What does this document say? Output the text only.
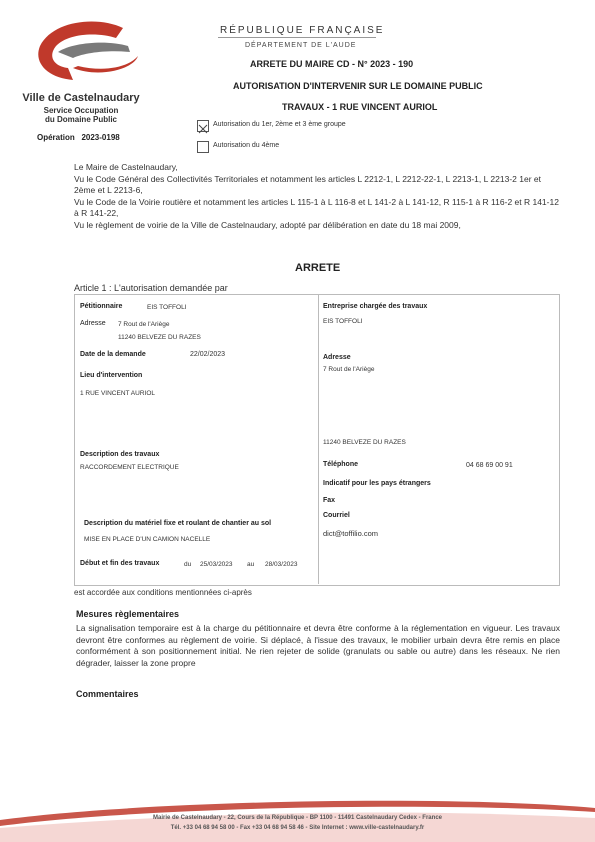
Ville de Castelnaudary
Service Occupation
du Domaine Public
Opération 2023-0198
RÉPUBLIQUE FRANÇAISE
DÉPARTEMENT DE L'AUDE
ARRETE DU MAIRE CD - N° 2023 - 190
AUTORISATION D'INTERVENIR SUR LE DOMAINE PUBLIC
TRAVAUX - 1 RUE VINCENT AURIOL
Autorisation du 1er, 2ème et 3 ème groupe
Autorisation du 4ème

Le Maire de Castelnaudary,

Vu le Code Général des Collectivités Territoriales et notamment les articles L 2212-1, L 2212-22-1, L 2213-1, L 2213-2 1er et 2ème et L 2213-6,

Vu le Code de la Voirie routière et notamment les articles L 115-1 à L 116-8 et L 141-2 à L 141-12, R 115-1 à R 116-2 et R 141-12 à R 141-22,

Vu le règlement de voirie de la Ville de Castelnaudary, adopté par délibération en date du 18 mai 2009,

ARRETE
Article 1 : L'autorisation demandée par
Pétitionnaire	EIS TOFFOLI
Adresse 7 Rout de l'Ariège
11240 BELVEZE DU RAZES
Date de la demande	22/02/2023
Lieu d'intervention
1 RUE VINCENT AURIOL
Description des travaux
RACCORDEMENT ELECTRIQUE
Description du matériel fixe et roulant de chantier au sol
MISE EN PLACE D'UN CAMION NACELLE
Début et fin des travaux	du 25/03/2023 au 28/03/2023
Entreprise chargée des travaux
EIS TOFFOLI
Adresse
7 Rout de l'Ariège
11240 BELVEZE DU RAZES
Téléphone	04 68 69 00 91
Indicatif pour les pays étrangers
Fax
Courriel
dict@toffilio.com
est accordée aux conditions mentionnées ci-après
Mesures règlementaires
La signalisation temporaire est à la charge du pétitionnaire et devra être conforme à la réglementation en vigueur. Les travaux devront être conformes au règlement de voirie. Si déplacé, à l'issue des travaux, le mobilier urbain devra être remis en place conformément à son positionnement initial. Ne rien rejeter de solide (granulats ou sable ou autre) dans les réseaux. Ne rien dégrader, laisser la zone propre
Commentaires
Mairie de Castelnaudary - 22, Cours de la République - BP 1100 - 11491 Castelnaudary Cedex - France
Tél. +33 04 68 94 58 00 - Fax +33 04 68 94 58 46 - Site Internet : www.ville-castelnaudary.fr
